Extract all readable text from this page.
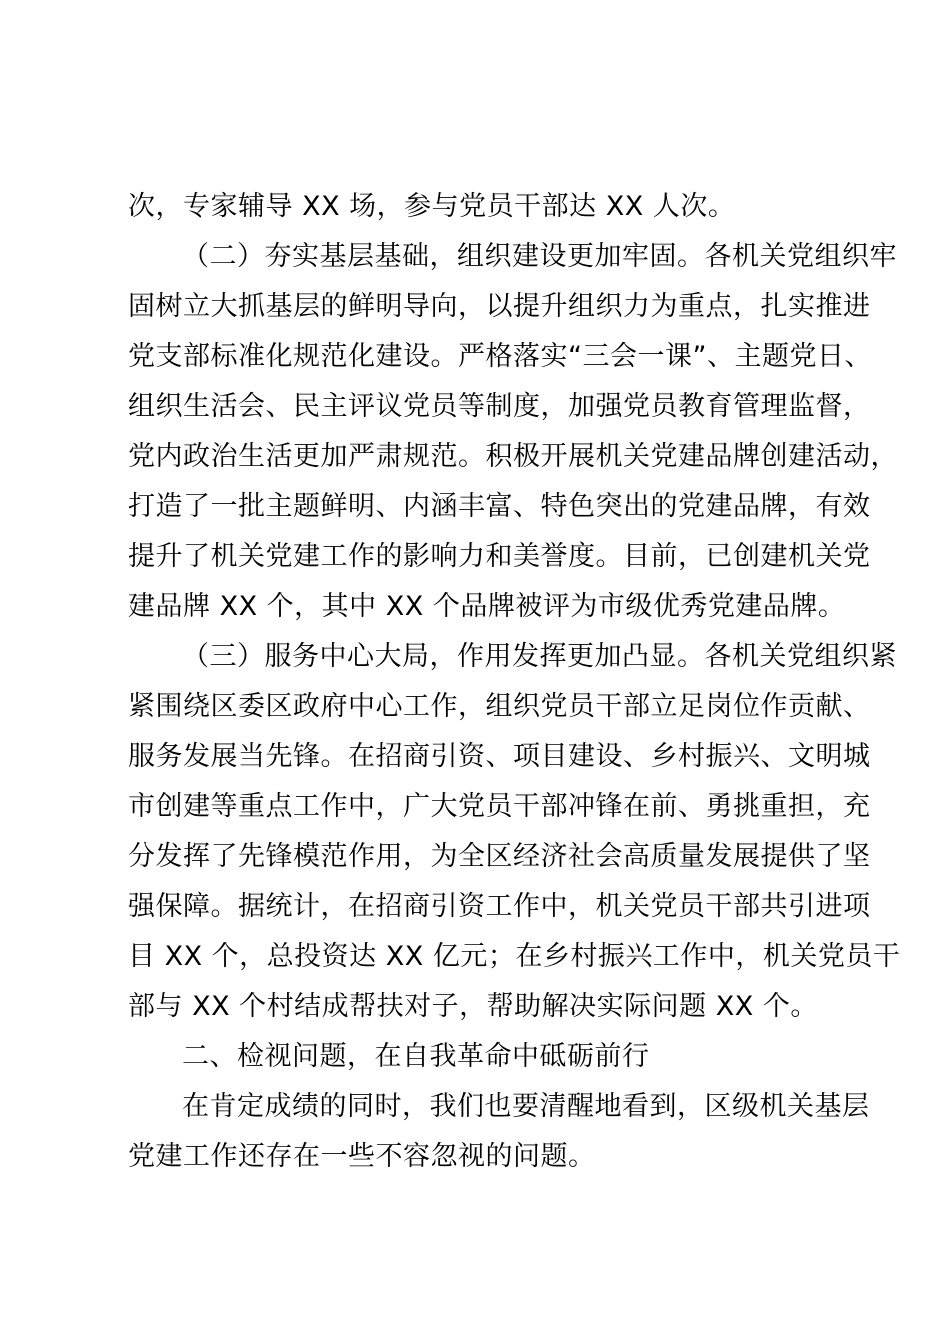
次，专家辅导 XX 场，参与党员干部达 XX 人次。
（二）夯实基层基础，组织建设更加牢固。各机关党组织牢
固树立大抓基层的鲜明导向，以提升组织力为重点，扎实推进
党支部标准化规范化建设。严格落实“三会一课”、主题党日、
组织生活会、民主评议党员等制度，加强党员教育管理监督，
党内政治生活更加严肃规范。积极开展机关党建品牌创建活动，
打造了一批主题鲜明、内涵丰富、特色突出的党建品牌，有效
提升了机关党建工作的影响力和美誉度。目前，已创建机关党
建品牌 XX 个，其中 XX 个品牌被评为市级优秀党建品牌。
（三）服务中心大局，作用发挥更加凸显。各机关党组织紧
紧围绕区委区政府中心工作，组织党员干部立足岗位作贡献、
服务发展当先锋。在招商引资、项目建设、乡村振兴、文明城
市创建等重点工作中，广大党员干部冲锋在前、勇挑重担，充
分发挥了先锋模范作用，为全区经济社会高质量发展提供了坚
强保障。据统计，在招商引资工作中，机关党员干部共引进项
目 XX 个，总投资达 XX 亿元；在乡村振兴工作中，机关党员干
部与 XX 个村结成帮扶对子，帮助解决实际问题 XX 个。
二、检视问题，在自我革命中砥砺前行
在肯定成绩的同时，我们也要清醒地看到，区级机关基层
党建工作还存在一些不容忽视的问题。
